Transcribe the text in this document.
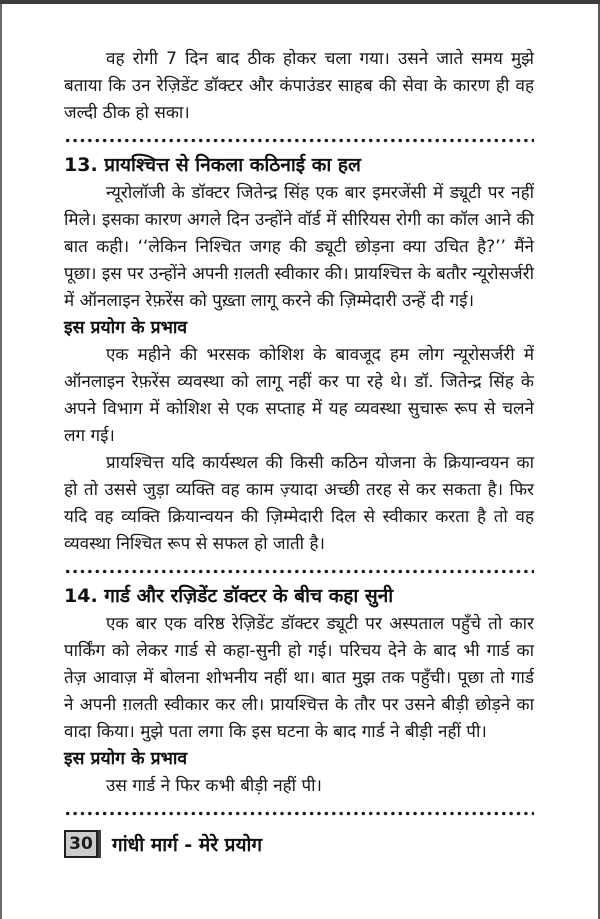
वह रोगी 7 दिन बाद ठीक होकर चला गया। उसने जाते समय मुझे बताया कि उन रेज़िडेंट डॉक्टर और कंपाउंडर साहब की सेवा के कारण ही वह जल्दी ठीक हो सका।

13. प्रायश्चित्त से निकला कठिनाई का हल

न्यूरोलॉजी के डॉक्टर जितेन्द्र सिंह एक बार इमरजेंसी में ड्यूटी पर नहीं मिले। इसका कारण अगले दिन उन्होंने वॉर्ड में सीरियस रोगी का कॉल आने की बात कही। ‘‘लेकिन निश्चित जगह की ड्यूटी छोड़ना क्या उचित है?’’ मैंने पूछा। इस पर उन्होंने अपनी ग़लती स्वीकार की। प्रायश्चित्त के बतौर न्यूरोसर्जरी में ऑनलाइन रेफ़रेंस को पुख़्ता लागू करने की ज़िम्मेदारी उन्हें दी गई।

इस प्रयोग के प्रभाव

एक महीने की भरसक कोशिश के बावजूद हम लोग न्यूरोसर्जरी में ऑनलाइन रेफ़रेंस व्यवस्था को लागू नहीं कर पा रहे थे। डॉ. जितेन्द्र सिंह के अपने विभाग में कोशिश से एक सप्ताह में यह व्यवस्था सुचारू रूप से चलने लग गई।

प्रायश्चित्त यदि कार्यस्थल की किसी कठिन योजना के क्रियान्वयन का हो तो उससे जुड़ा व्यक्ति वह काम ज़्यादा अच्छी तरह से कर सकता है। फिर यदि वह व्यक्ति क्रियान्वयन की ज़िम्मेदारी दिल से स्वीकार करता है तो वह व्यवस्था निश्चित रूप से सफल हो जाती है।

14. गार्ड और रज़िडेंट डॉक्टर के बीच कहा सुनी

एक बार एक वरिष्ठ रेज़िडेंट डॉक्टर ड्यूटी पर अस्पताल पहुँचे तो कार पार्किंग को लेकर गार्ड से कहा-सुनी हो गई। परिचय देने के बाद भी गार्ड का तेज़ आवाज़ में बोलना शोभनीय नहीं था। बात मुझ तक पहुँची। पूछा तो गार्ड ने अपनी ग़लती स्वीकार कर ली। प्रायश्चित्त के तौर पर उसने बीड़ी छोड़ने का वादा किया। मुझे पता लगा कि इस घटना के बाद गार्ड ने बीड़ी नहीं पी।

इस प्रयोग के प्रभाव

उस गार्ड ने फिर कभी बीड़ी नहीं पी।

30 गांधी मार्ग - मेरे प्रयोग
